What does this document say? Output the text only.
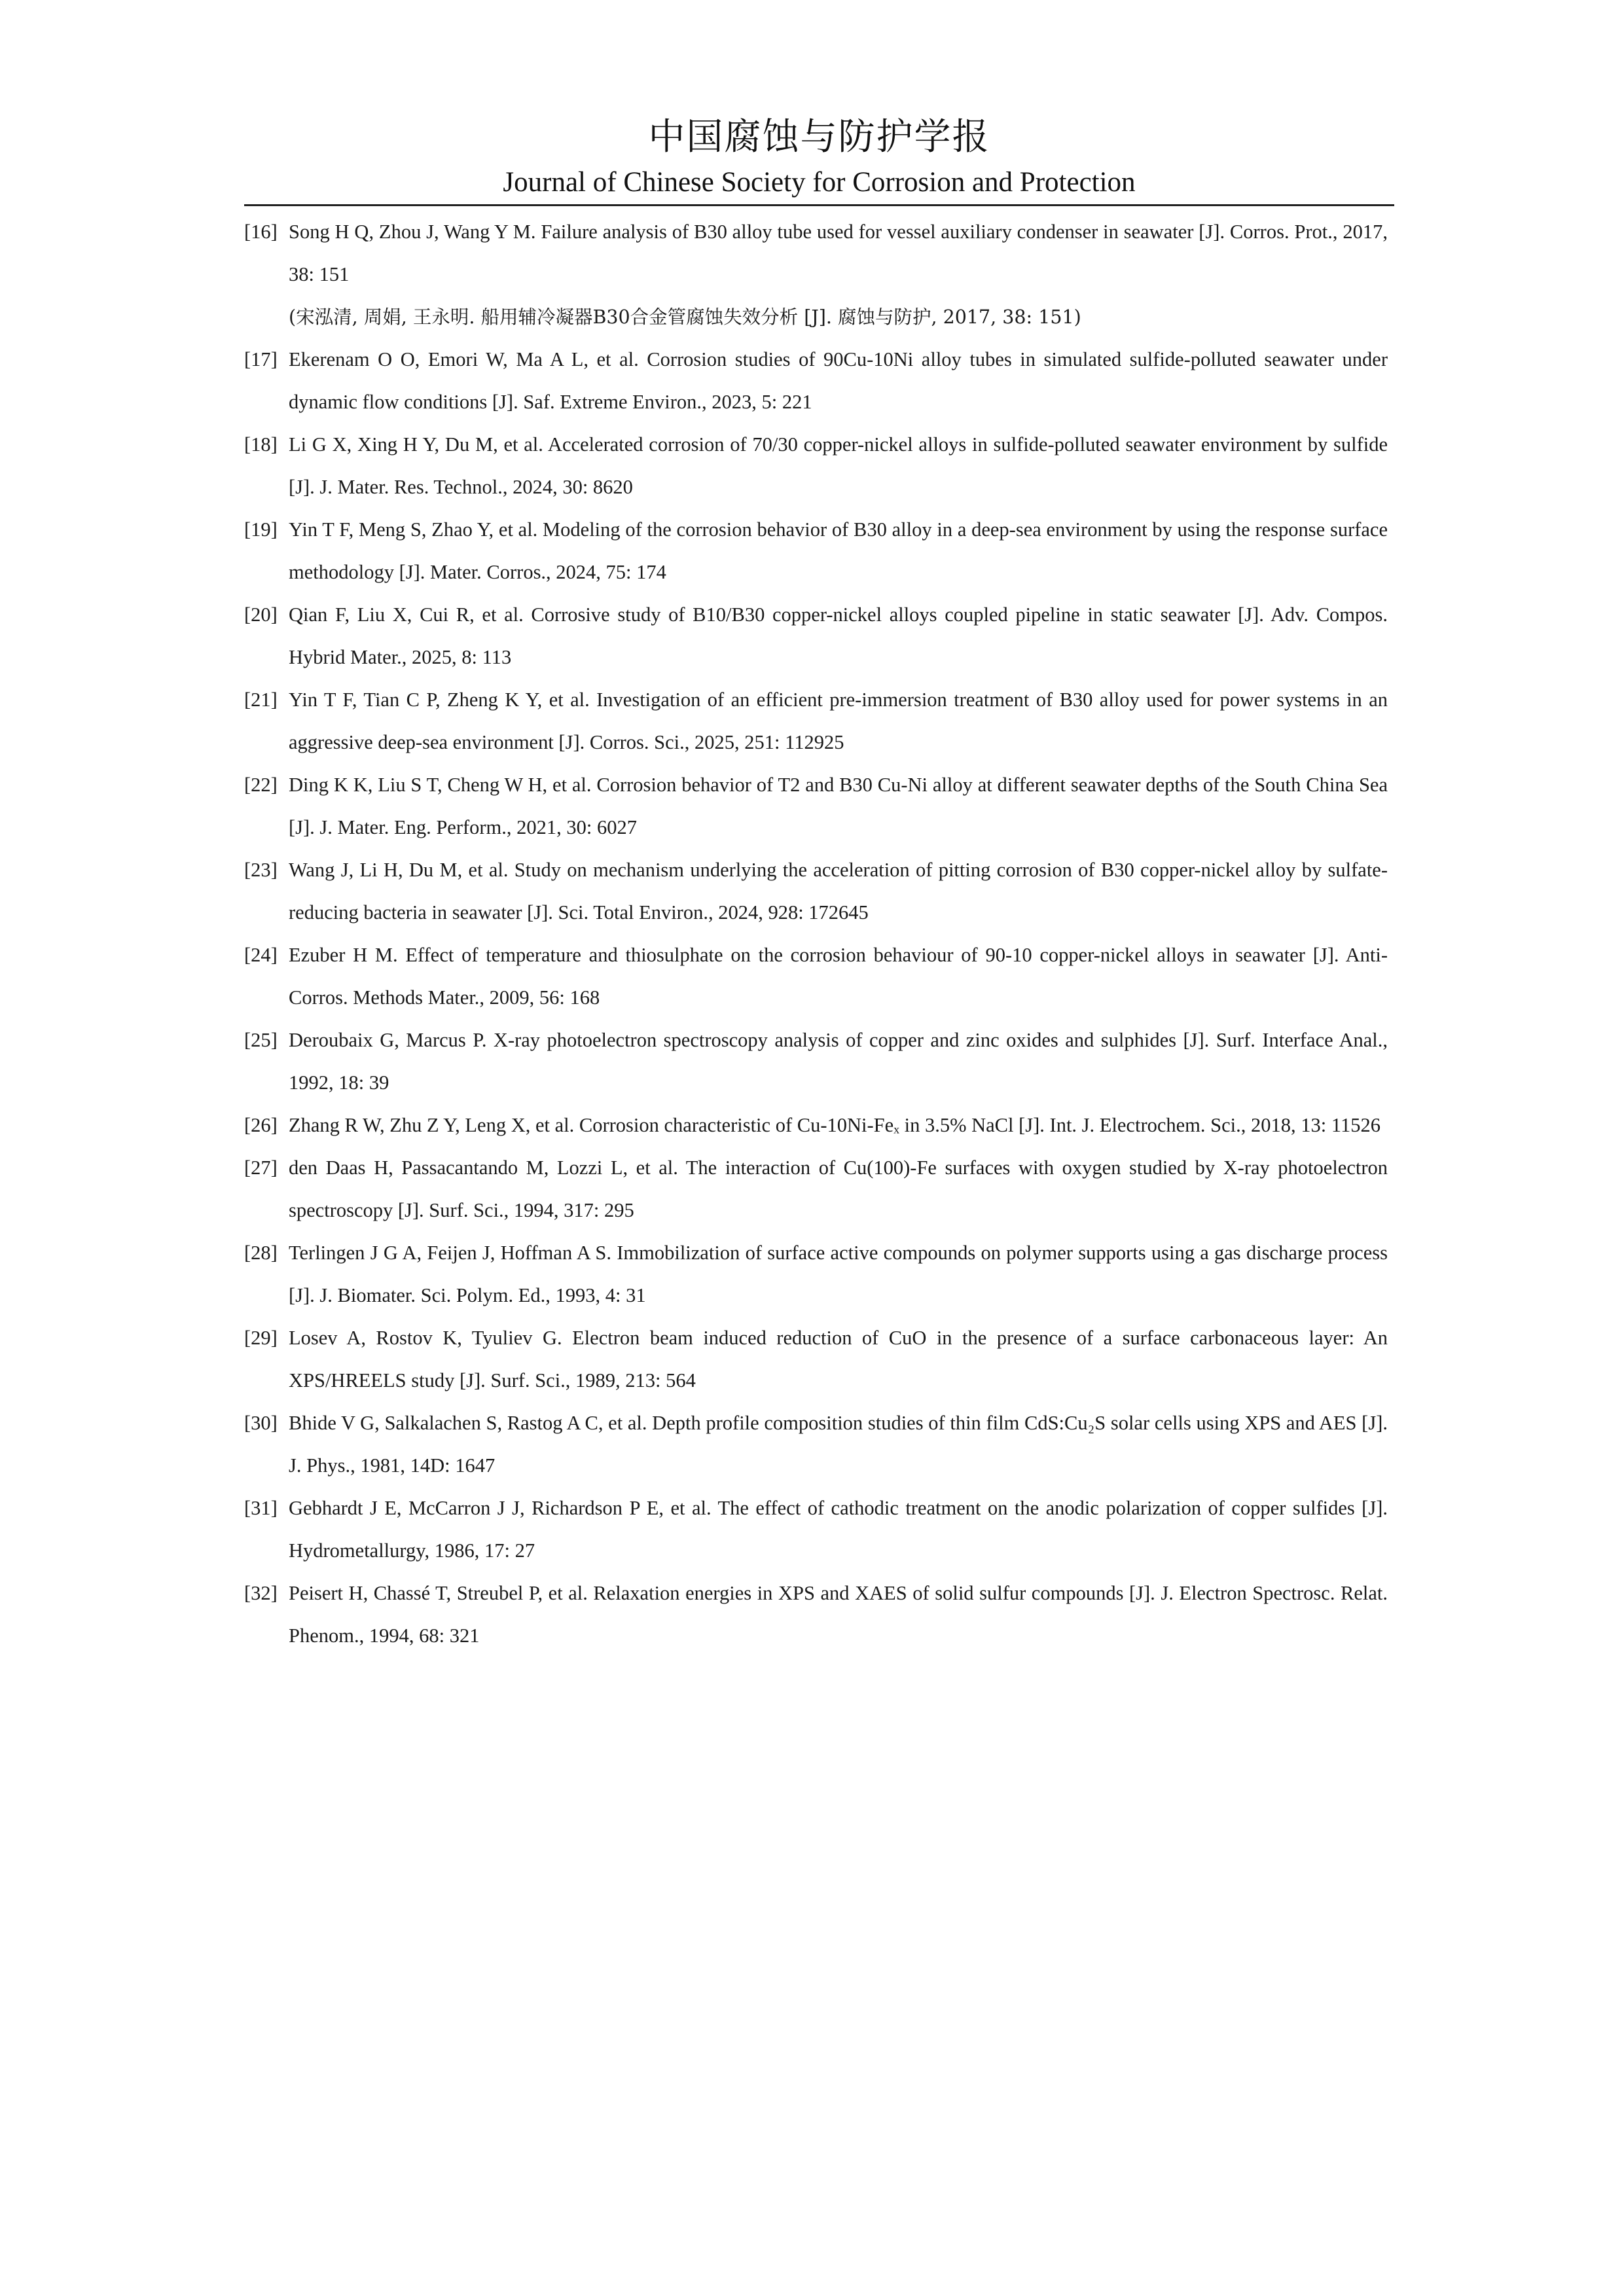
中国腐蚀与防护学报
Journal of Chinese Society for Corrosion and Protection
[16] Song H Q, Zhou J, Wang Y M. Failure analysis of B30 alloy tube used for vessel auxiliary condenser in seawater [J]. Corros. Prot., 2017, 38: 151
(宋泓清, 周娟, 王永明. 船用辅冷凝器B30合金管腐蚀失效分析 [J]. 腐蚀与防护, 2017, 38: 151)
[17] Ekerenam O O, Emori W, Ma A L, et al. Corrosion studies of 90Cu-10Ni alloy tubes in simulated sulfide-polluted seawater under dynamic flow conditions [J]. Saf. Extreme Environ., 2023, 5: 221
[18] Li G X, Xing H Y, Du M, et al. Accelerated corrosion of 70/30 copper-nickel alloys in sulfide-polluted seawater environment by sulfide [J]. J. Mater. Res. Technol., 2024, 30: 8620
[19] Yin T F, Meng S, Zhao Y, et al. Modeling of the corrosion behavior of B30 alloy in a deep-sea environment by using the response surface methodology [J]. Mater. Corros., 2024, 75: 174
[20] Qian F, Liu X, Cui R, et al. Corrosive study of B10/B30 copper-nickel alloys coupled pipeline in static seawater [J]. Adv. Compos. Hybrid Mater., 2025, 8: 113
[21] Yin T F, Tian C P, Zheng K Y, et al. Investigation of an efficient pre-immersion treatment of B30 alloy used for power systems in an aggressive deep-sea environment [J]. Corros. Sci., 2025, 251: 112925
[22] Ding K K, Liu S T, Cheng W H, et al. Corrosion behavior of T2 and B30 Cu-Ni alloy at different seawater depths of the South China Sea [J]. J. Mater. Eng. Perform., 2021, 30: 6027
[23] Wang J, Li H, Du M, et al. Study on mechanism underlying the acceleration of pitting corrosion of B30 copper-nickel alloy by sulfate-reducing bacteria in seawater [J]. Sci. Total Environ., 2024, 928: 172645
[24] Ezuber H M. Effect of temperature and thiosulphate on the corrosion behaviour of 90-10 copper-nickel alloys in seawater [J]. Anti-Corros. Methods Mater., 2009, 56: 168
[25] Deroubaix G, Marcus P. X-ray photoelectron spectroscopy analysis of copper and zinc oxides and sulphides [J]. Surf. Interface Anal., 1992, 18: 39
[26] Zhang R W, Zhu Z Y, Leng X, et al. Corrosion characteristic of Cu-10Ni-Feₓ in 3.5% NaCl [J]. Int. J. Electrochem. Sci., 2018, 13: 11526
[27] den Daas H, Passacantando M, Lozzi L, et al. The interaction of Cu(100)-Fe surfaces with oxygen studied by X-ray photoelectron spectroscopy [J]. Surf. Sci., 1994, 317: 295
[28] Terlingen J G A, Feijen J, Hoffman A S. Immobilization of surface active compounds on polymer supports using a gas discharge process [J]. J. Biomater. Sci. Polym. Ed., 1993, 4: 31
[29] Losev A, Rostov K, Tyuliev G. Electron beam induced reduction of CuO in the presence of a surface carbonaceous layer: An XPS/HREELS study [J]. Surf. Sci., 1989, 213: 564
[30] Bhide V G, Salkalachen S, Rastog A C, et al. Depth profile composition studies of thin film CdS:Cu₂S solar cells using XPS and AES [J]. J. Phys., 1981, 14D: 1647
[31] Gebhardt J E, McCarron J J, Richardson P E, et al. The effect of cathodic treatment on the anodic polarization of copper sulfides [J]. Hydrometallurgy, 1986, 17: 27
[32] Peisert H, Chassé T, Streubel P, et al. Relaxation energies in XPS and XAES of solid sulfur compounds [J]. J. Electron Spectrosc. Relat. Phenom., 1994, 68: 321
